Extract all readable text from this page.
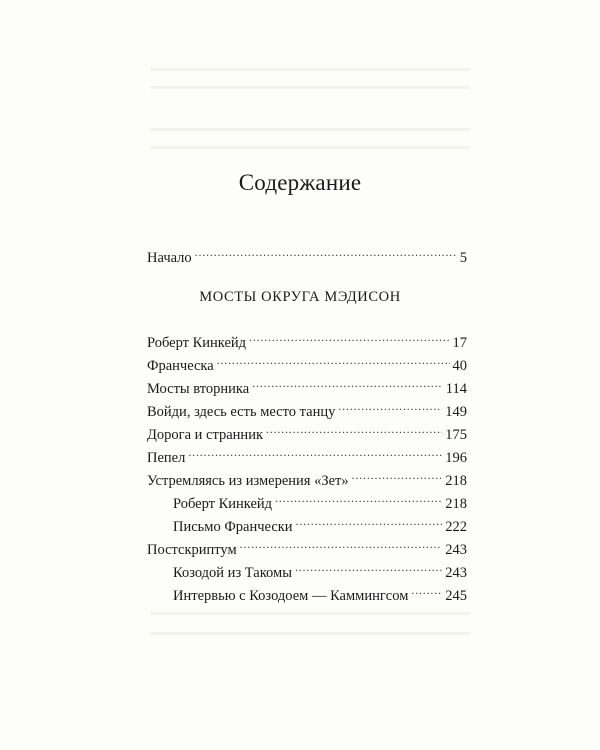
Содержание
Начало . . .	5
Роберт Кинкейд . . .	17
Франческа . . .	40
Мосты вторника . . .	114
Войди, здесь есть место танцу . . .	149
Дорога и странник . . .	175
Пепел . . .	196
Устремляясь из измерения «Зет» . . .	218
Роберт Кинкейд . . .	218
Письмо Франчески . . .	222
Постскриптум . . .	243
Козодой из Такомы . . .	243
Интервью с Козодоем — Каммингсом . . .	245
МОСТЫ ОКРУГА МЭДИСОН
